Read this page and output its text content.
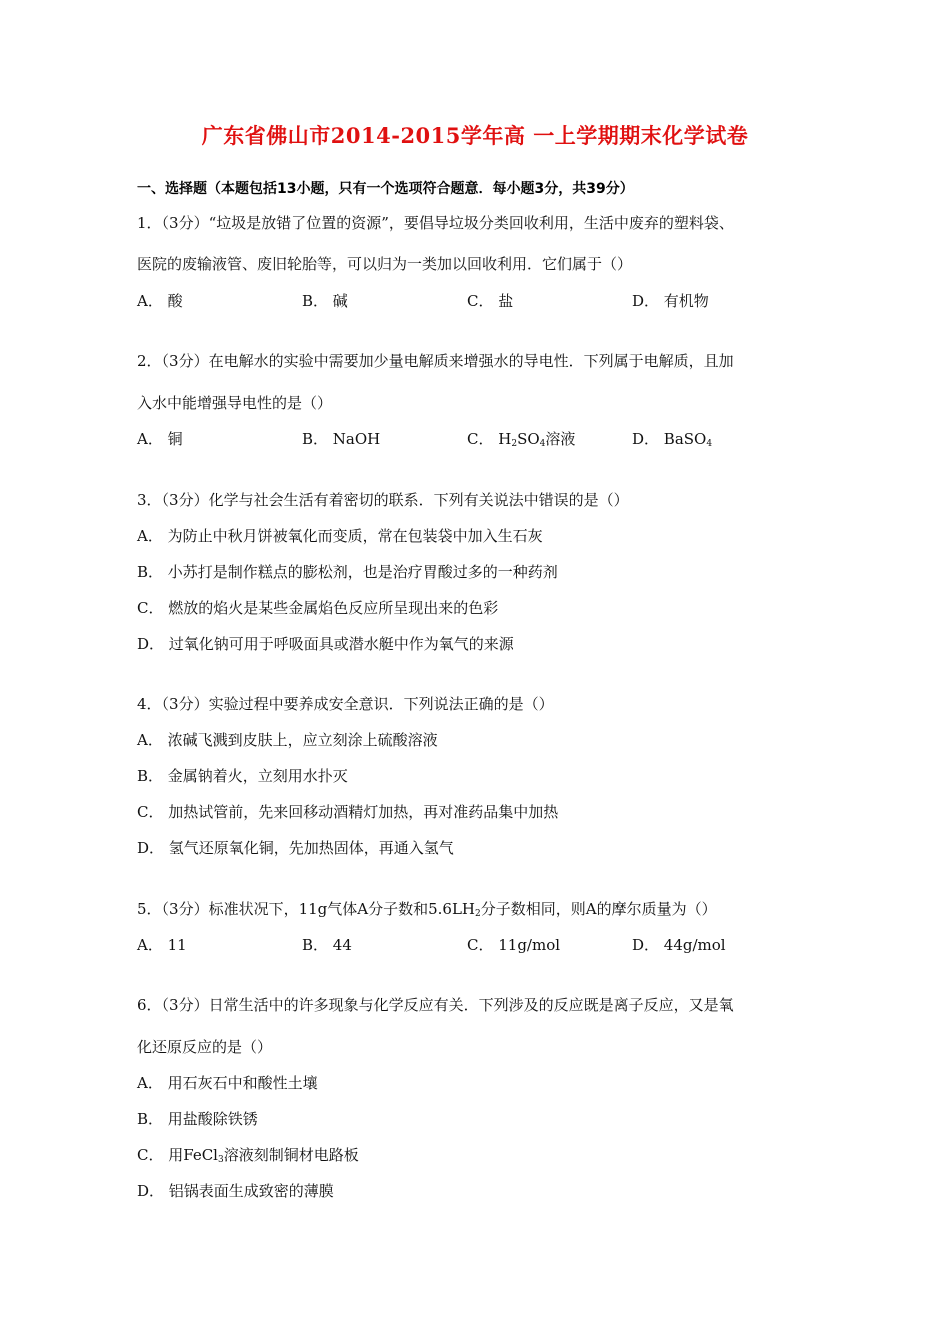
广东省佛山市2014-2015学年高 一上学期期末化学试卷
一、选择题（本题包括13小题，只有一个选项符合题意．每小题3分，共39分）
1．（3分）“垃圾是放错了位置的资源”，要倡导垃圾分类回收利用，生活中废弃的塑料袋、
医院的废输液管、废旧轮胎等，可以归为一类加以回收利用．它们属于（）
A． 酸	B． 碱	C． 盐	D． 有机物
2．（3分）在电解水的实验中需要加少量电解质来增强水的导电性．下列属于电解质，且加
入水中能增强导电性的是（）
A． 铜	B． NaOH	C． $H_2SO_4$溶液	D． BaSO$_4$
3．（3分）化学与社会生活有着密切的联系．下列有关说法中错误的是（）
A． 为防止中秋月饼被氧化而变质，常在包装袋中加入生石灰
B． 小苏打是制作糕点的膨松剂，也是治疗胃酸过多的一种药剂
C． 燃放的焰火是某些金属焰色反应所呈现出来的色彩
D． 过氧化钠可用于呼吸面具或潜水艇中作为氧气的来源
4．（3分）实验过程中要养成安全意识．下列说法正确的是（）
A． 浓碱飞溅到皮肤上，应立刻涂上硫酸溶液
B． 金属钠着火，立刻用水扑灭
C． 加热试管前，先来回移动酒精灯加热，再对准药品集中加热
D． 氢气还原氧化铜，先加热固体，再通入氢气
5．（3分）标准状况下，11g气体A分子数和$5.6LH_2$分子数相同，则A的摩尔质量为（）
A． 11	B． 44	C． 11g/mol	D． 44g/mol
6．（3分）日常生活中的许多现象与化学反应有关．下列涉及的反应既是离子反应，又是氧
化还原反应的是（）
A． 用石灰石中和酸性土壤
B． 用盐酸除铁锈
C． 用FeCl$_3$溶液刻制铜材电路板
D． 铝锅表面生成致密的薄膜
